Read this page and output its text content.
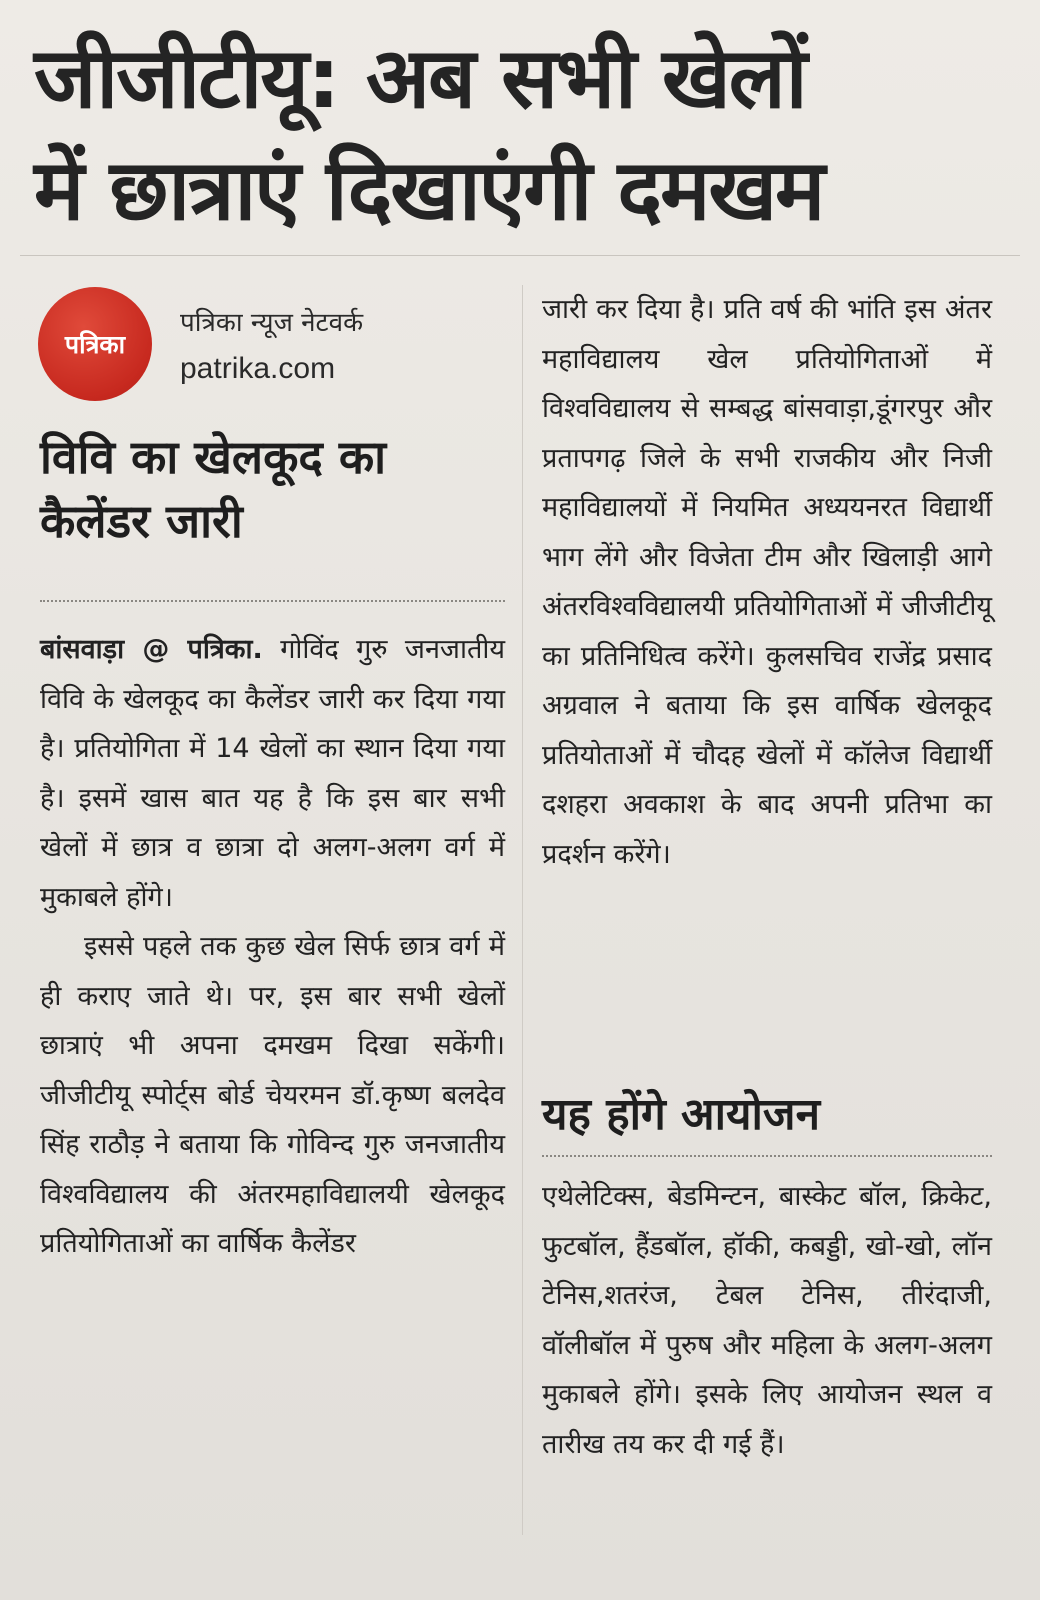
जीजीटीयू: अब सभी खेलों
में छात्राएं दिखाएंगी दमखम
पत्रिका
पत्रिका न्यूज नेटवर्क
patrika.com
विवि का खेलकूद का कैलेंडर जारी

बांसवाड़ा @ पत्रिका. गोविंद गुरु जनजातीय विवि के खेलकूद का कैलेंडर जारी कर दिया गया है। प्रतियोगिता में 14 खेलों का स्थान दिया गया है। इसमें खास बात यह है कि इस बार सभी खेलों में छात्र व छात्रा दो अलग-अलग वर्ग में मुकाबले होंगे।

इससे पहले तक कुछ खेल सिर्फ छात्र वर्ग में ही कराए जाते थे। पर, इस बार सभी खेलों छात्राएं भी अपना दमखम दिखा सकेंगी। जीजीटीयू स्पोर्ट्स बोर्ड चेयरमन डॉ.कृष्ण बलदेव सिंह राठौड़ ने बताया कि गोविन्द गुरु जनजातीय विश्वविद्यालय की अंतरमहाविद्यालयी खेलकूद प्रतियोगिताओं का वार्षिक कैलेंडर

जारी कर दिया है। प्रति वर्ष की भांति इस अंतर महाविद्यालय खेल प्रतियोगिताओं में विश्वविद्यालय से सम्बद्ध बांसवाड़ा,डूंगरपुर और प्रतापगढ़ जिले के सभी राजकीय और निजी महाविद्यालयों में नियमित अध्ययनरत विद्यार्थी भाग लेंगे और विजेता टीम और खिलाड़ी आगे अंतरविश्वविद्यालयी प्रतियोगिताओं में जीजीटीयू का प्रतिनिधित्व करेंगे। कुलसचिव राजेंद्र प्रसाद अग्रवाल ने बताया कि इस वार्षिक खेलकूद प्रतियोताओं में चौदह खेलों में कॉलेज विद्यार्थी दशहरा अवकाश के बाद अपनी प्रतिभा का प्रदर्शन करेंगे।

यह होंगे आयोजन

एथेलेटिक्स, बेडमिन्टन, बास्केट बॉल, क्रिकेट, फुटबॉल, हैंडबॉल, हॉकी, कबड्डी, खो-खो, लॉन टेनिस,शतरंज, टेबल टेनिस, तीरंदाजी, वॉलीबॉल में पुरुष और महिला के अलग-अलग मुकाबले होंगे। इसके लिए आयोजन स्थल व तारीख तय कर दी गई हैं।
